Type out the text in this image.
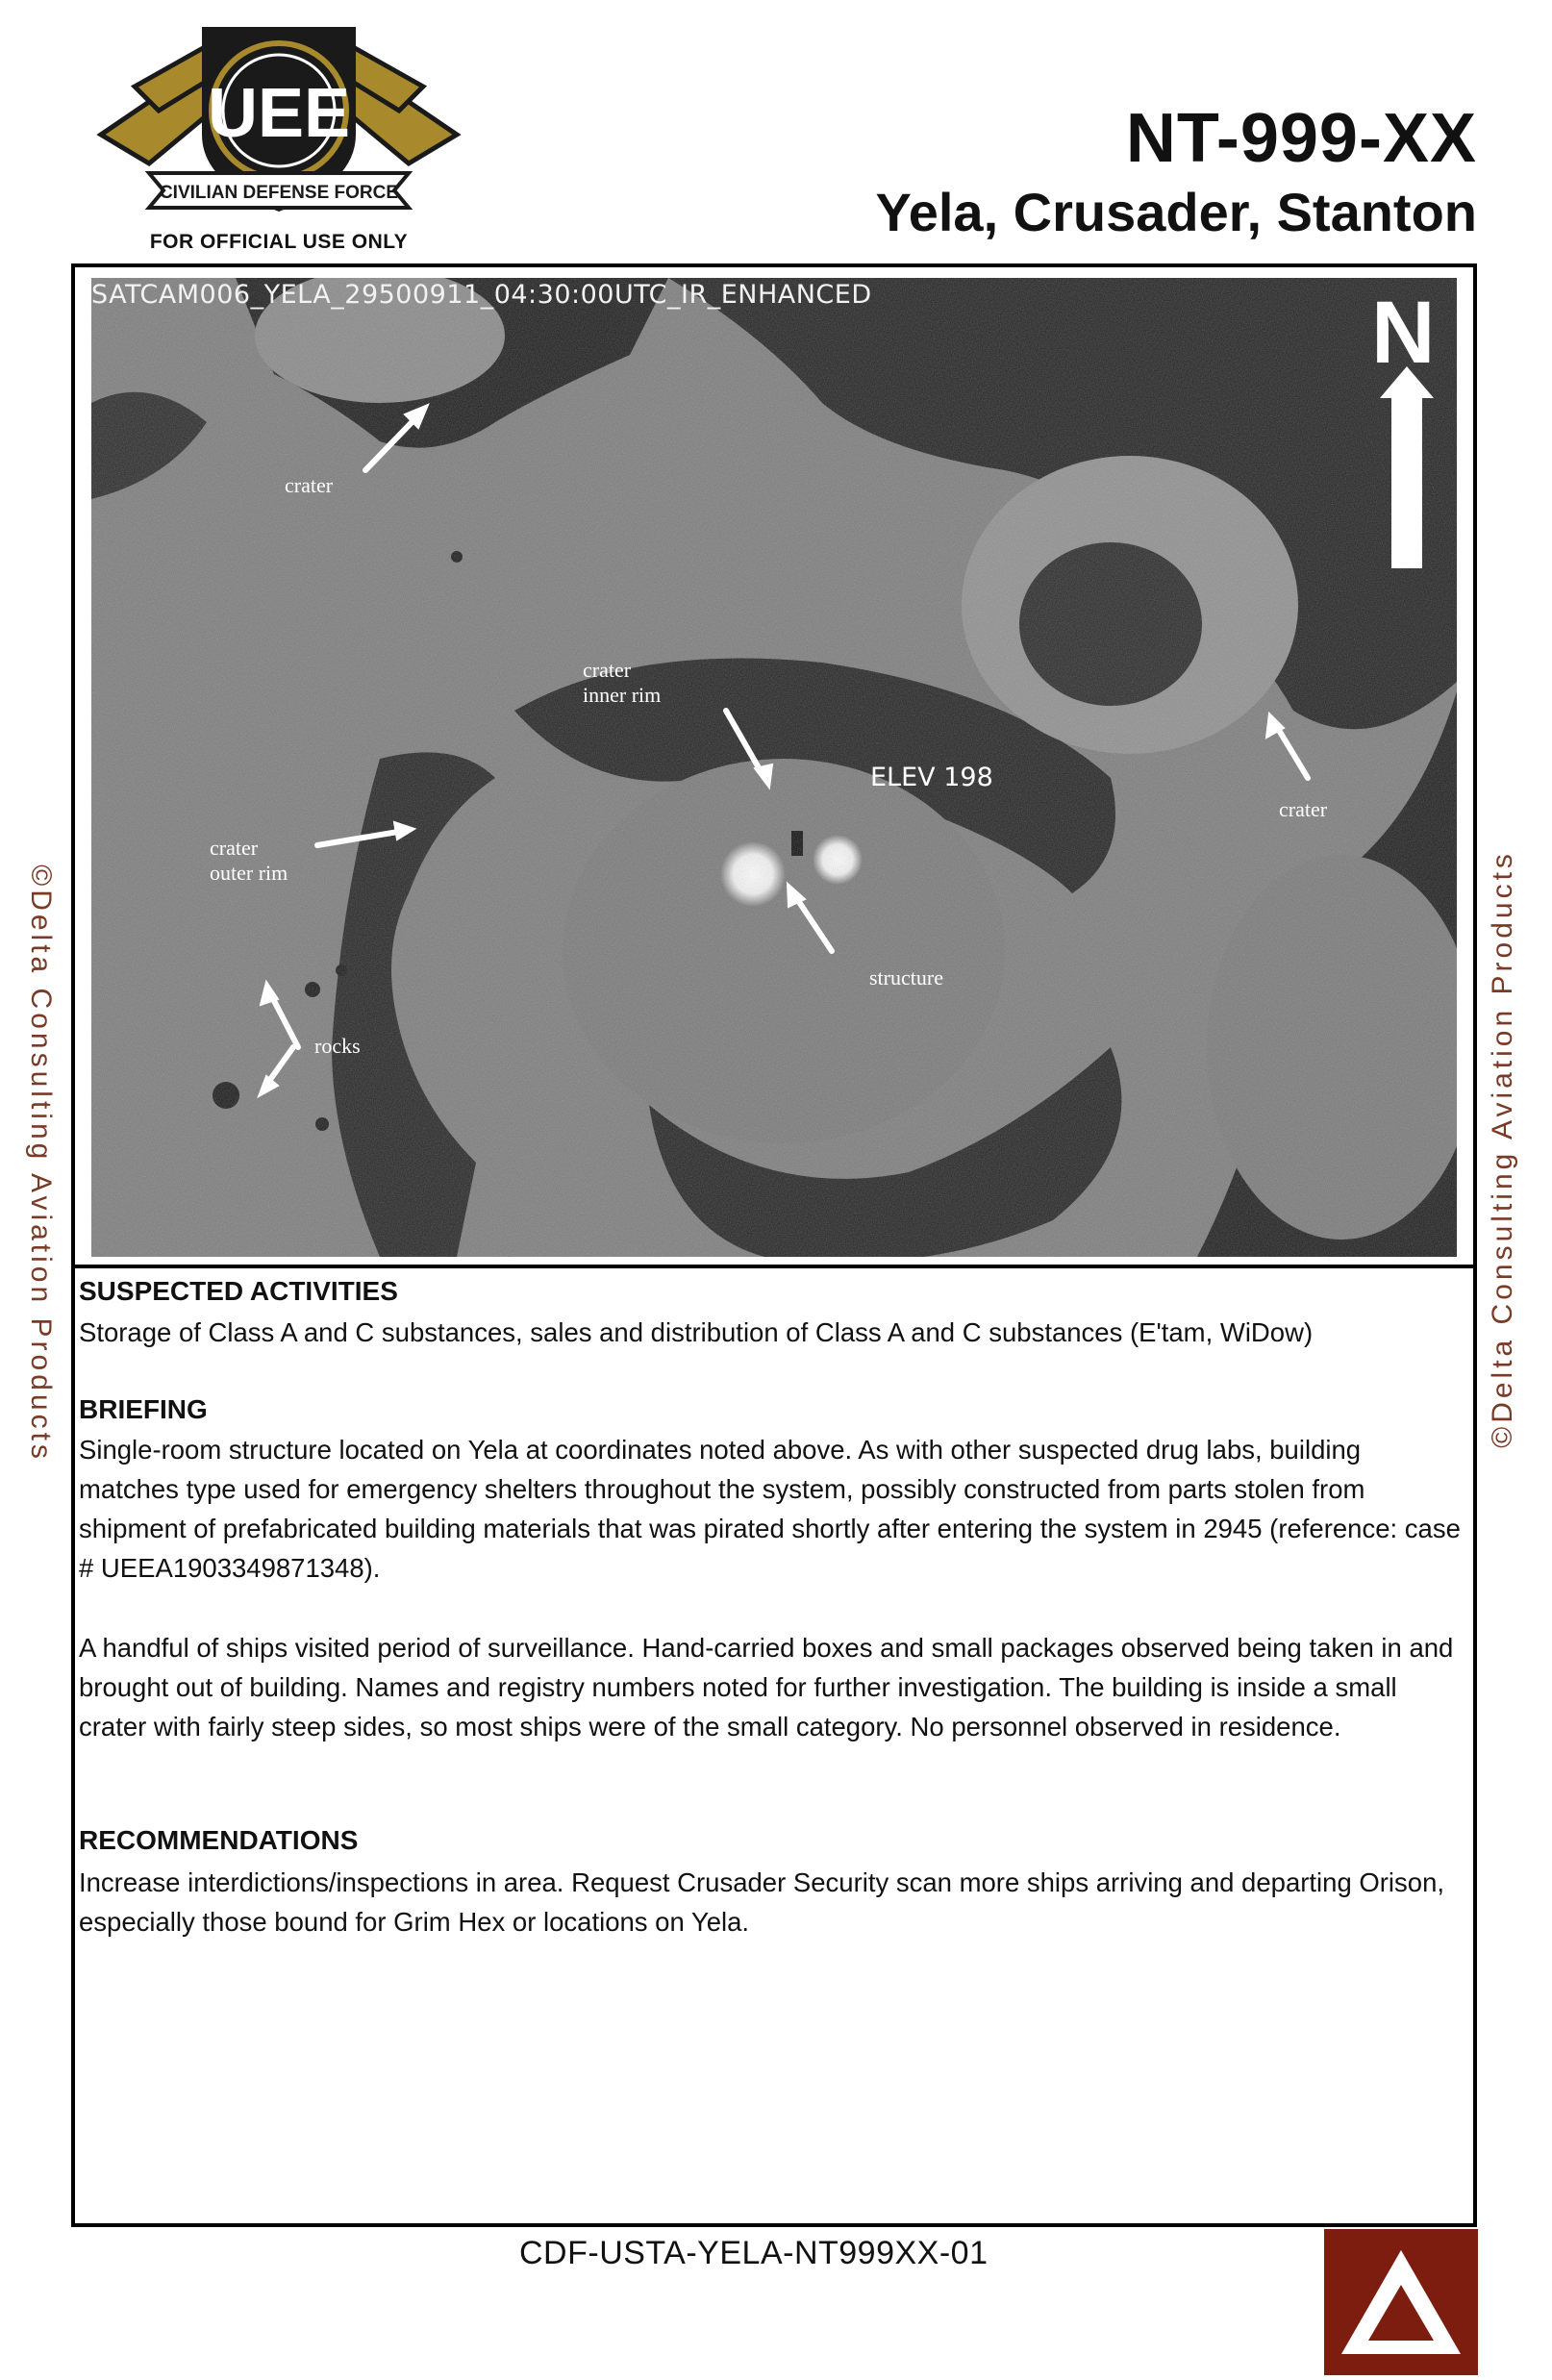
UEE
CIVILIAN DEFENSE FORCE
FOR OFFICIAL USE ONLY
NT-999-XX
Yela, Crusader, Stanton
SATCAM006_YELA_29500911_04:30:00UTC_IR_ENHANCED	N
ELEV 198
crater
crater
inner rim
crater
crater
outer rim
rocks
structure
SUSPECTED ACTIVITIES
Storage of Class A and C substances, sales and distribution of Class A and C substances (E'tam, WiDow)
BRIEFING
Single-room structure located on Yela at coordinates noted above. As with other suspected drug labs, building matches type used for emergency shelters throughout the system, possibly constructed from parts stolen from shipment of prefabricated building materials that was pirated shortly after entering the system in 2945 (reference: case # UEEA1903349871348).
A handful of ships visited period of surveillance. Hand-carried boxes and small packages observed being taken in and brought out of building. Names and registry numbers noted for further investigation. The building is inside a small crater with fairly steep sides, so most ships were of the small category. No personnel observed in residence.
RECOMMENDATIONS
Increase interdictions/inspections in area. Request Crusader Security scan more ships arriving and departing Orison, especially those bound for Grim Hex or locations on Yela.
©Delta Consulting Aviation Products	©Delta Consulting Aviation Products
CDF-USTA-YELA-NT999XX-01
